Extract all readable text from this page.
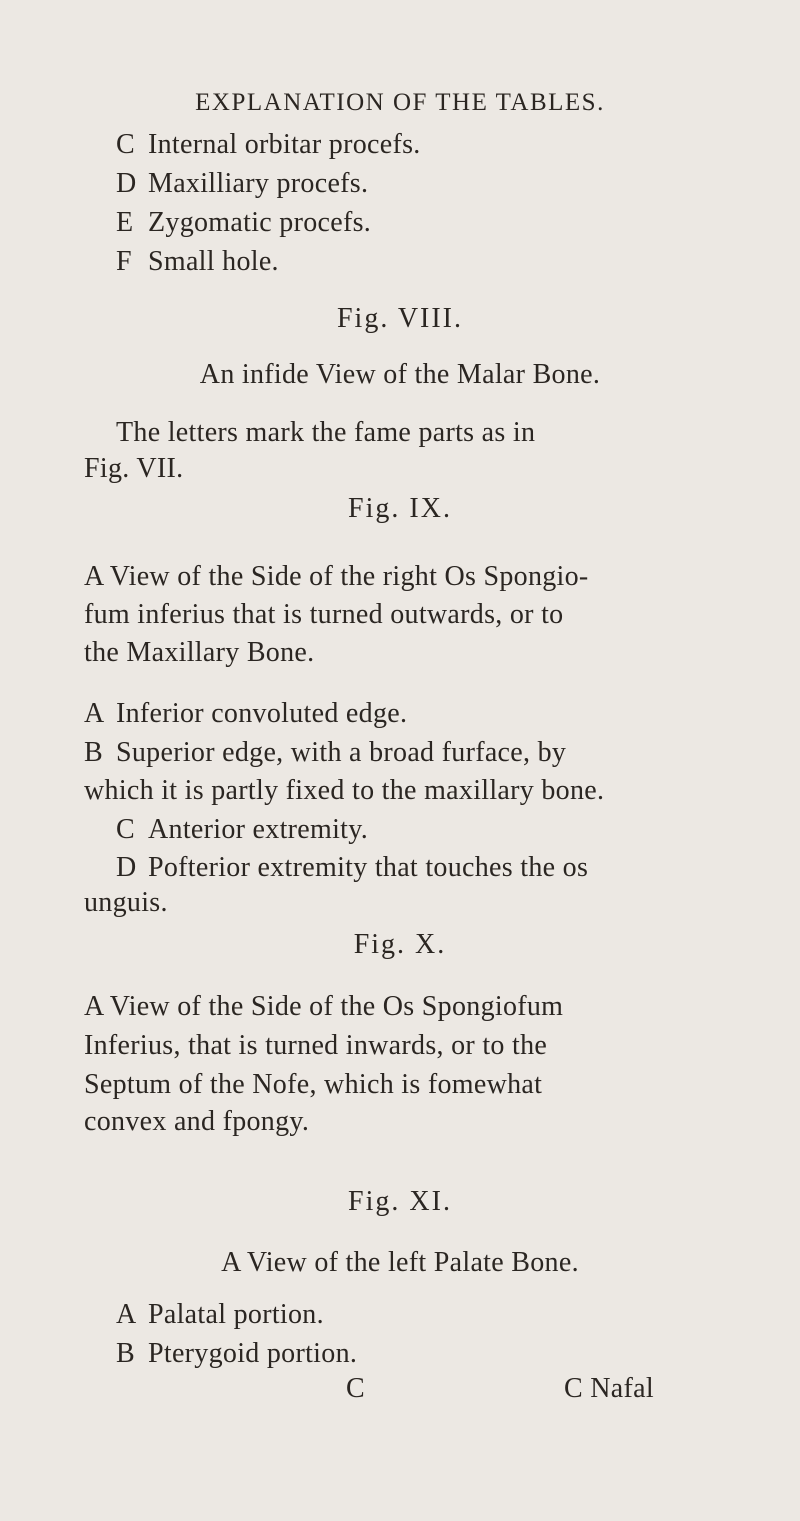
EXPLANATION OF THE TABLES.
C Internal orbitar procefs.
D Maxilliary procefs.
E Zygomatic procefs.
F Small hole.
Fig. VIII.
An infide View of the Malar Bone.
The letters mark the fame parts as in
Fig. VII.
Fig. IX.
A View of the Side of the right Os Spongio-
fum inferius that is turned outwards, or to
the Maxillary Bone.
A Inferior convoluted edge.
B Superior edge, with a broad furface, by
which it is partly fixed to the maxillary bone.
C Anterior extremity.
D Pofterior extremity that touches the os
unguis.
Fig. X.
A View of the Side of the Os Spongiofum
Inferius, that is turned inwards, or to the
Septum of the Nofe, which is fomewhat
convex and fpongy.
Fig. XI.
A View of the left Palate Bone.
A Palatal portion.
B Pterygoid portion.
C	C Nafal
